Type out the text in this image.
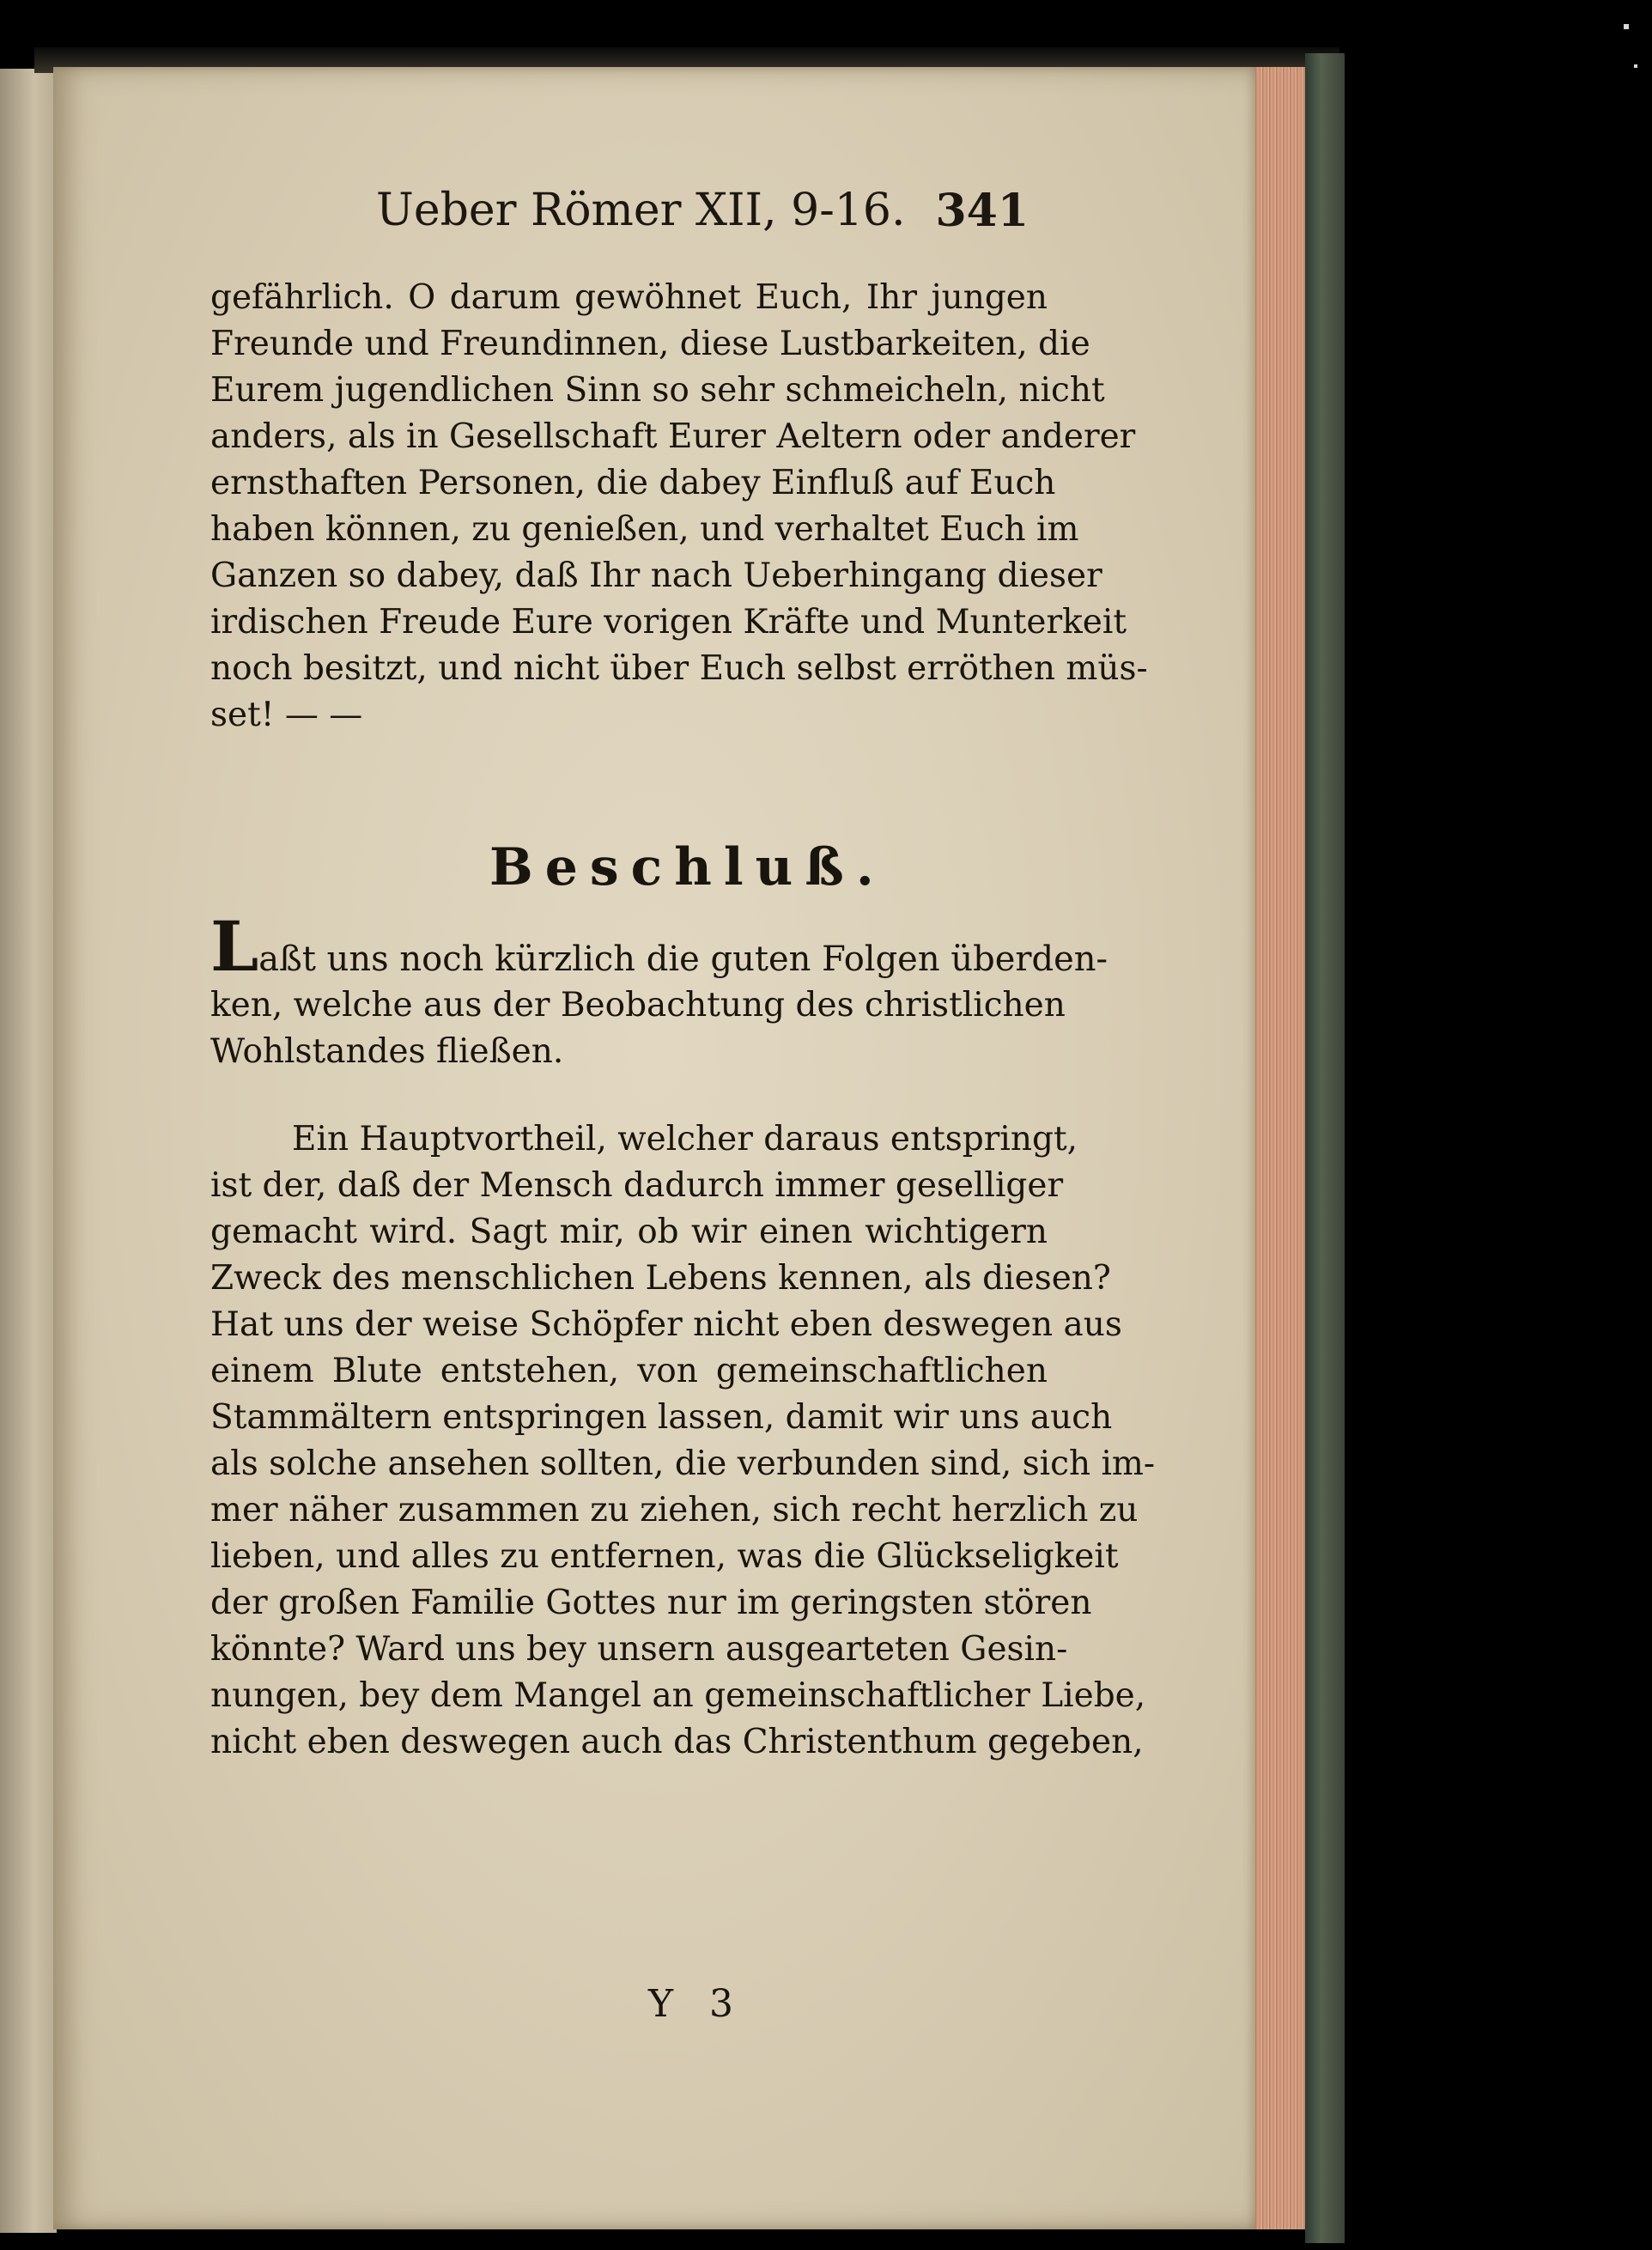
Ueber Römer XII, 9-16. 341
gefährlich. O darum gewöhnet Euch, Ihr jungen
Freunde und Freundinnen, diese Lustbarkeiten, die
Eurem jugendlichen Sinn so sehr schmeicheln, nicht
anders, als in Gesellschaft Eurer Aeltern oder anderer
ernsthaften Personen, die dabey Einfluß auf Euch
haben können, zu genießen, und verhaltet Euch im
Ganzen so dabey, daß Ihr nach Ueberhingang dieser
irdischen Freude Eure vorigen Kräfte und Munterkeit
noch besitzt, und nicht über Euch selbst erröthen müs-
set! — —
Beschluß.
Laßt uns noch kürzlich die guten Folgen überden-
ken, welche aus der Beobachtung des christlichen
Wohlstandes fließen.
Ein Hauptvortheil, welcher daraus entspringt,
ist der, daß der Mensch dadurch immer geselliger
gemacht wird. Sagt mir, ob wir einen wichtigern
Zweck des menschlichen Lebens kennen, als diesen?
Hat uns der weise Schöpfer nicht eben deswegen aus
einem Blute entstehen, von gemeinschaftlichen
Stammältern entspringen lassen, damit wir uns auch
als solche ansehen sollten, die verbunden sind, sich im-
mer näher zusammen zu ziehen, sich recht herzlich zu
lieben, und alles zu entfernen, was die Glückseligkeit
der großen Familie Gottes nur im geringsten stören
könnte? Ward uns bey unsern ausgearteten Gesin-
nungen, bey dem Mangel an gemeinschaftlicher Liebe,
nicht eben deswegen auch das Christenthum gegeben,
Y 3
